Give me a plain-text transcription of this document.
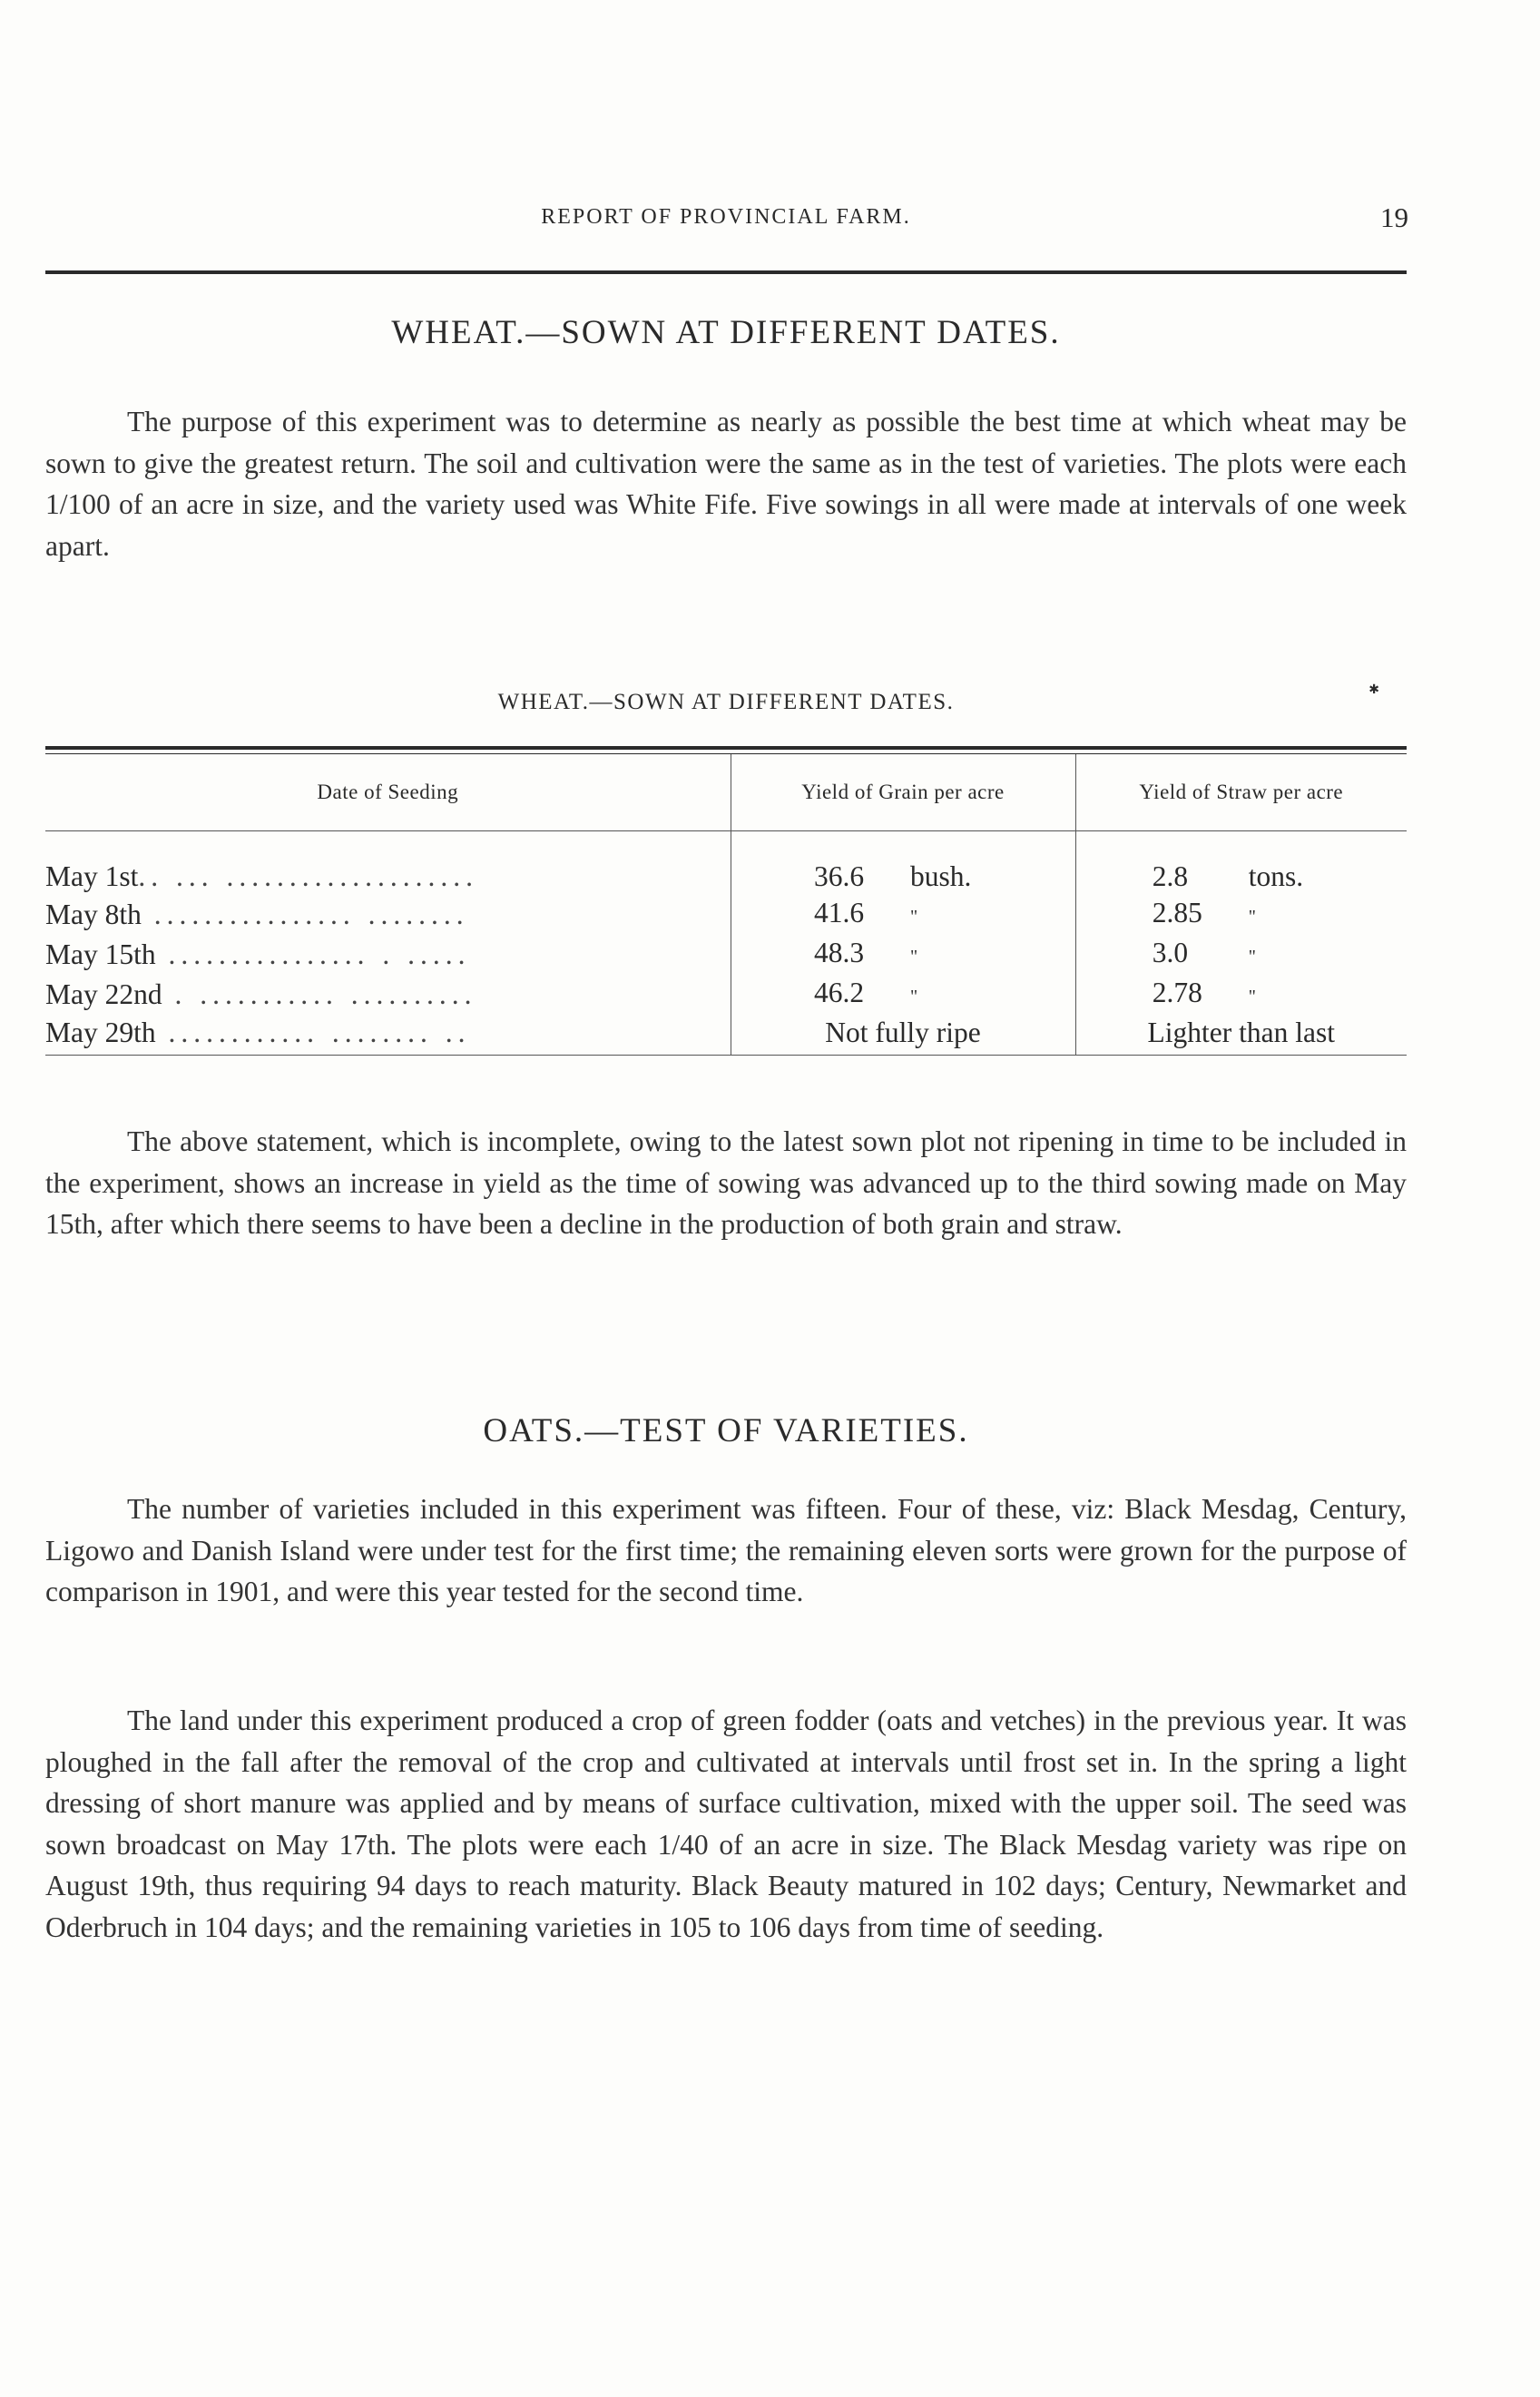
REPORT OF PROVINCIAL FARM.	19
WHEAT.—SOWN AT DIFFERENT DATES.

The purpose of this experiment was to determine as nearly as possible the best time at which wheat may be sown to give the greatest return. The soil and cultivation were the same as in the test of varieties. The plots were each 1/100 of an acre in size, and the variety used was White Fife. Five sowings in all were made at intervals of one week apart.

WHEAT.—SOWN AT DIFFERENT DATES.	✱
Date of Seeding	Yield of Grain per acre	Yield of Straw per acre

May 1st.. ... ....................	36.6 bush.	2.8 tons.
May 8th ................ ........	41.6 "	2.85 "
May 15th ................ . .....	48.3 "	3.0 "
May 22nd . ........... ..........	46.2 "	2.78 "
May 29th ............ ........ ..	Not fully ripe	Lighter than last

The above statement, which is incomplete, owing to the latest sown plot not ripening in time to be included in the experiment, shows an increase in yield as the time of sowing was advanced up to the third sowing made on May 15th, after which there seems to have been a decline in the production of both grain and straw.

OATS.—TEST OF VARIETIES.

The number of varieties included in this experiment was fifteen. Four of these, viz: Black Mesdag, Century, Ligowo and Danish Island were under test for the first time; the remaining eleven sorts were grown for the purpose of comparison in 1901, and were this year tested for the second time.

The land under this experiment produced a crop of green fodder (oats and vetches) in the previous year. It was ploughed in the fall after the removal of the crop and cultivated at intervals until frost set in. In the spring a light dressing of short manure was applied and by means of surface cultivation, mixed with the upper soil. The seed was sown broadcast on May 17th. The plots were each 1/40 of an acre in size. The Black Mesdag variety was ripe on August 19th, thus requiring 94 days to reach maturity. Black Beauty matured in 102 days; Century, Newmarket and Oderbruch in 104 days; and the remaining varieties in 105 to 106 days from time of seeding.
